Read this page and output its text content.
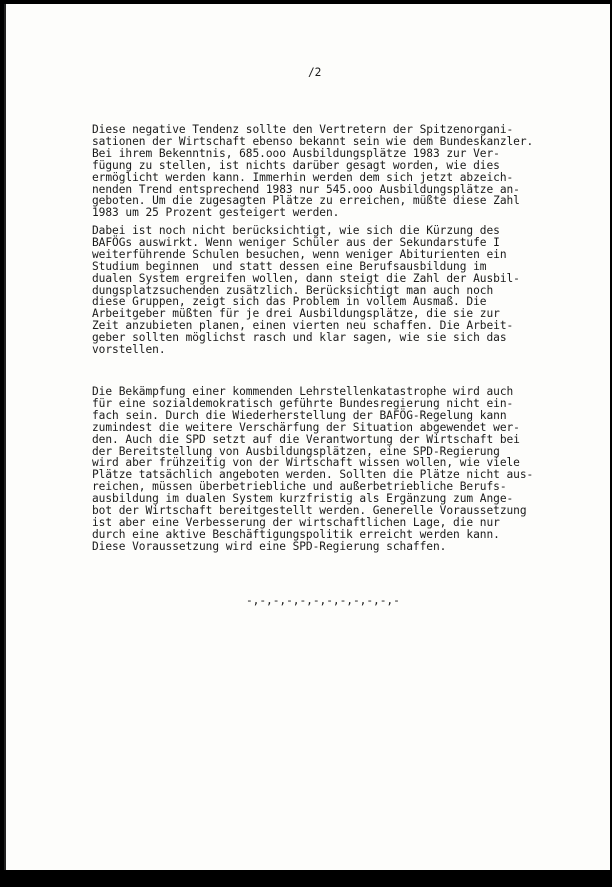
/2
Diese negative Tendenz sollte den Vertretern der Spitzenorgani-
sationen der Wirtschaft ebenso bekannt sein wie dem Bundeskanzler.
Bei ihrem Bekenntnis, 685.ooo Ausbildungsplätze 1983 zur Ver-
fügung zu stellen, ist nichts darüber gesagt worden, wie dies
ermöglicht werden kann. Immerhin werden dem sich jetzt abzeich-
nenden Trend entsprechend 1983 nur 545.ooo Ausbildungsplätze an-
geboten. Um die zugesagten Plätze zu erreichen, müßte diese Zahl
1983 um 25 Prozent gesteigert werden.
Dabei ist noch nicht berücksichtigt, wie sich die Kürzung des
BAFÖGs auswirkt. Wenn weniger Schüler aus der Sekundarstufe I
weiterführende Schulen besuchen, wenn weniger Abiturienten ein
Studium beginnen  und statt dessen eine Berufsausbildung im
dualen System ergreifen wollen, dann steigt die Zahl der Ausbil-
dungsplatzsuchenden zusätzlich. Berücksichtigt man auch noch
diese Gruppen, zeigt sich das Problem in vollem Ausmaß. Die
Arbeitgeber müßten für je drei Ausbildungsplätze, die sie zur
Zeit anzubieten planen, einen vierten neu schaffen. Die Arbeit-
geber sollten möglichst rasch und klar sagen, wie sie sich das
vorstellen.
Die Bekämpfung einer kommenden Lehrstellenkatastrophe wird auch
für eine sozialdemokratisch geführte Bundesregierung nicht ein-
fach sein. Durch die Wiederherstellung der BAFÖG-Regelung kann
zumindest die weitere Verschärfung der Situation abgewendet wer-
den. Auch die SPD setzt auf die Verantwortung der Wirtschaft bei
der Bereitstellung von Ausbildungsplätzen, eine SPD-Regierung
wird aber frühzeitig von der Wirtschaft wissen wollen, wie viele
Plätze tatsächlich angeboten werden. Sollten die Plätze nicht aus-
reichen, müssen überbetriebliche und außerbetriebliche Berufs-
ausbildung im dualen System kurzfristig als Ergänzung zum Ange-
bot der Wirtschaft bereitgestellt werden. Generelle Voraussetzung
ist aber eine Verbesserung der wirtschaftlichen Lage, die nur
durch eine aktive Beschäftigungspolitik erreicht werden kann.
Diese Voraussetzung wird eine SPD-Regierung schaffen.
-,-,-,-,-,-,-,-,-,-,-,-
